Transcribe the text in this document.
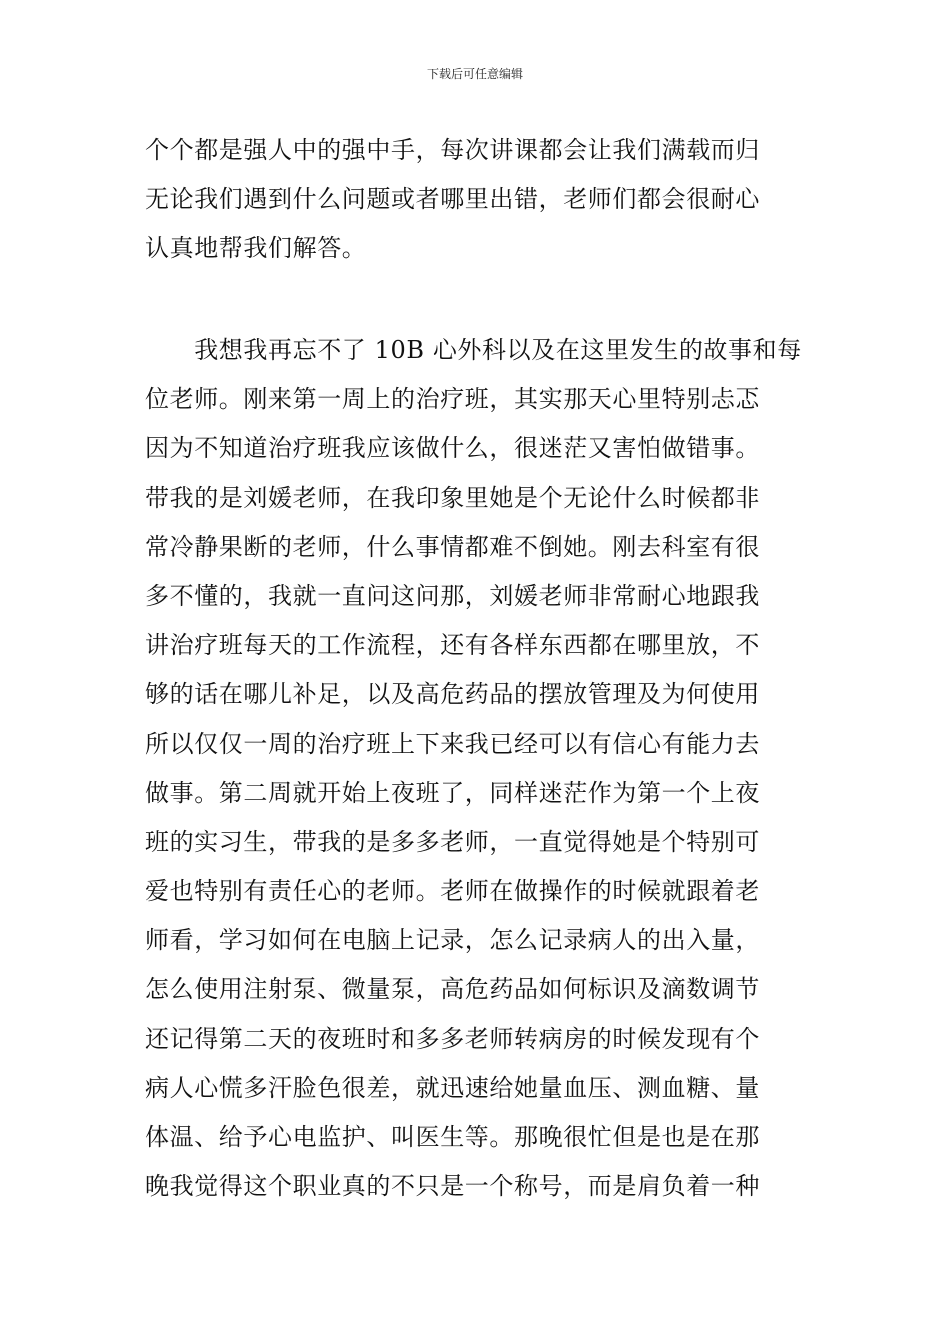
下载后可任意编辑
个个都是强人中的强中手，每次讲课都会让我们满载而归
无论我们遇到什么问题或者哪里出错，老师们都会很耐心
认真地帮我们解答。
　　我想我再忘不了 10B 心外科以及在这里发生的故事和每
位老师。刚来第一周上的治疗班，其实那天心里特别忐忑
因为不知道治疗班我应该做什么，很迷茫又害怕做错事。
带我的是刘媛老师，在我印象里她是个无论什么时候都非
常冷静果断的老师，什么事情都难不倒她。刚去科室有很
多不懂的，我就一直问这问那，刘媛老师非常耐心地跟我
讲治疗班每天的工作流程，还有各样东西都在哪里放，不
够的话在哪儿补足，以及高危药品的摆放管理及为何使用
所以仅仅一周的治疗班上下来我已经可以有信心有能力去
做事。第二周就开始上夜班了，同样迷茫作为第一个上夜
班的实习生，带我的是多多老师，一直觉得她是个特别可
爱也特别有责任心的老师。老师在做操作的时候就跟着老
师看，学习如何在电脑上记录，怎么记录病人的出入量，
怎么使用注射泵、微量泵，高危药品如何标识及滴数调节
还记得第二天的夜班时和多多老师转病房的时候发现有个
病人心慌多汗脸色很差，就迅速给她量血压、测血糖、量
体温、给予心电监护、叫医生等。那晚很忙但是也是在那
晚我觉得这个职业真的不只是一个称号，而是肩负着一种
